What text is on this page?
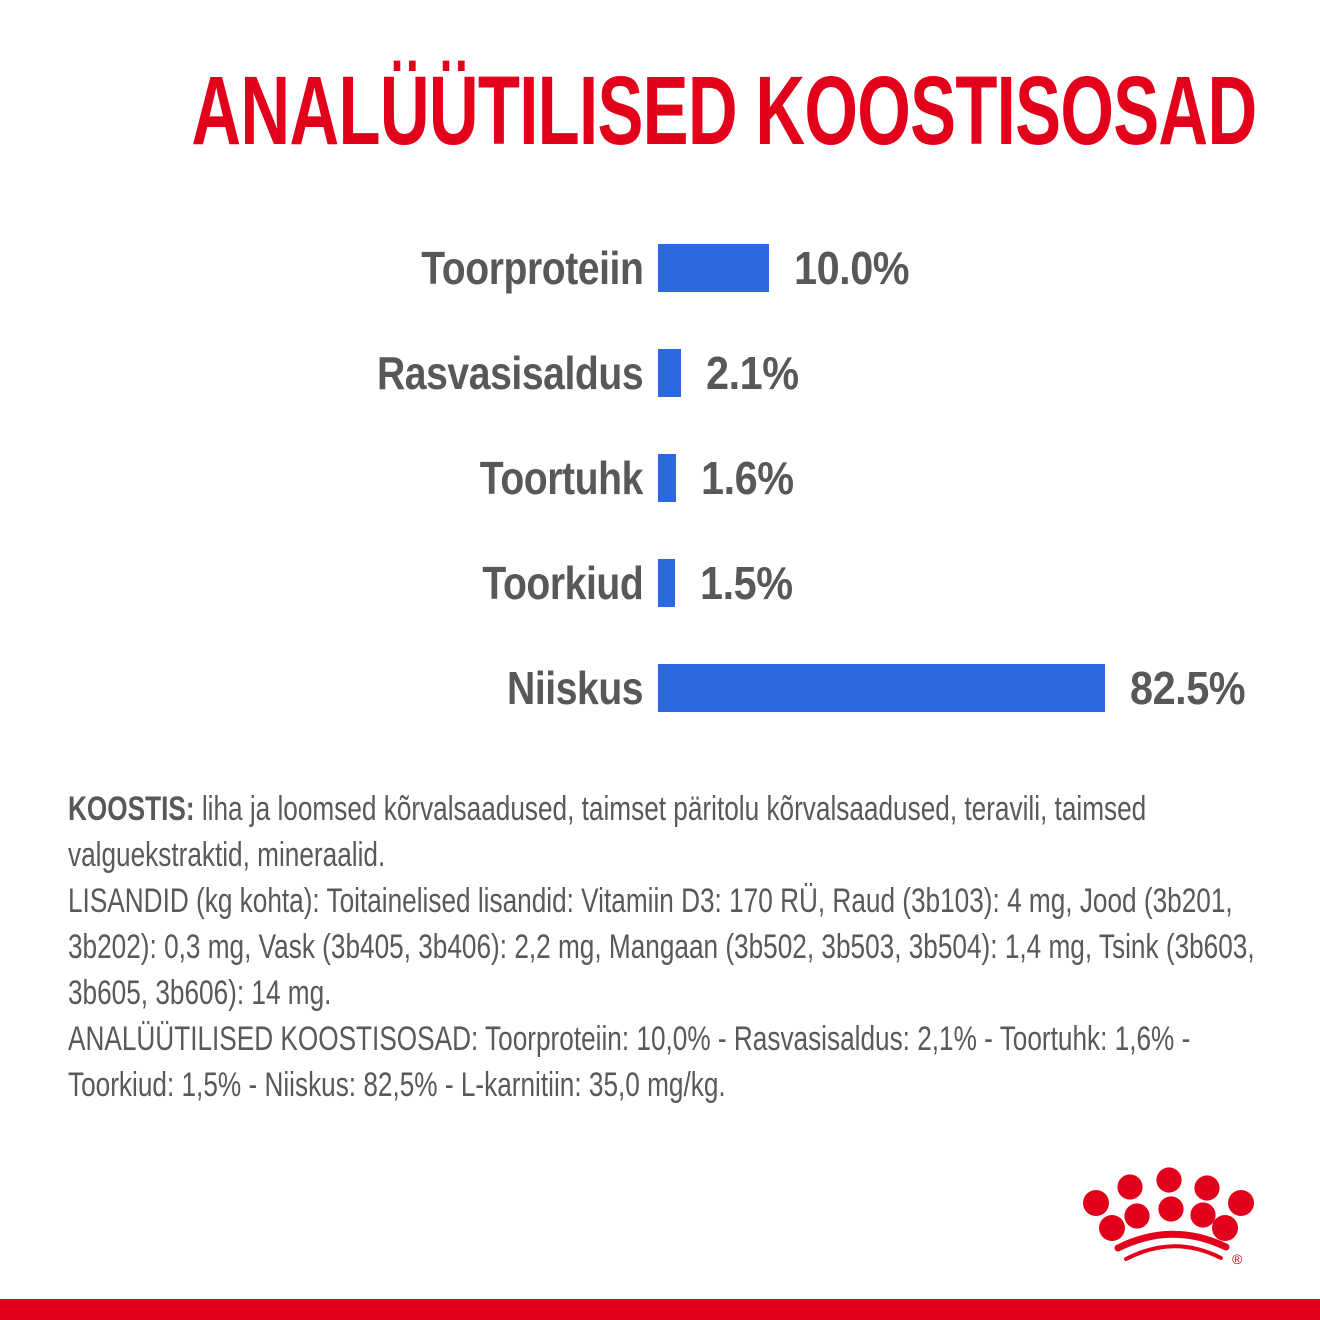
ANALÜÜTILISED KOOSTISOSAD
Toorproteiin	10.0%
Rasvasisaldus 2.1%
Toortuhk 1.6%
Toorkiud 1.5%
Niiskus	82.5%

KOOSTIS: liha ja loomsed kõrvalsaadused, taimset päritolu kõrvalsaadused, teravili, taimsed valguekstraktid, mineraalid.

LISANDID (kg kohta): Toitainelised lisandid: Vitamiin D3: 170 RÜ, Raud (3b103): 4 mg, Jood (3b201, 3b202): 0,3 mg, Vask (3b405, 3b406): 2,2 mg, Mangaan (3b502, 3b503, 3b504): 1,4 mg, Tsink (3b603, 3b605, 3b606): 14 mg.

ANALÜÜTILISED KOOSTISOSAD: Toorproteiin: 10,0% - Rasvasisaldus: 2,1% - Toortuhk: 1,6% - Toorkiud: 1,5% - Niiskus: 82,5% - L-karnitiin: 35,0 mg/kg.

®
